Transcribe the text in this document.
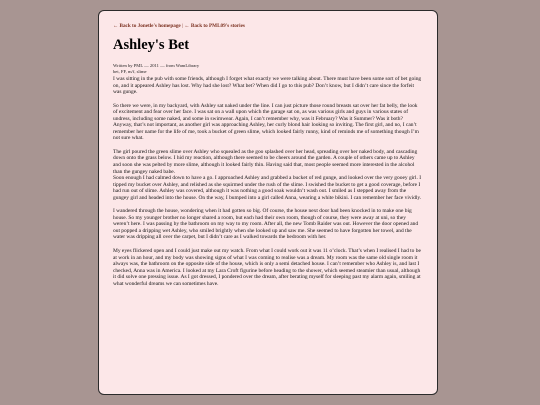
← Back to Jonetle's homepage | ← Back to PML09's stories
Ashley's Bet
Written by PML — 2011 — from WamLibrary
bet, FF, m/f, slime

I was sitting in the pub with some friends, although I forget what exactly we were talking about. There must have been some sort of bet going on, and it appeared Ashley has lost. Why had she lost? What bet? When did I go to this pub? Don’t know, but I didn’t care since the forfeit was gunge.

So there we were, in my backyard, with Ashley sat naked under the line. I can just picture those round breasts sat over her fat belly, the look of excitement and fear over her face. I was sat on a wall upon which the garage sat on, as was various girls and guys in various states of undress, including some naked, and some in swimwear. Again, I can’t remember why, was it February? Was it Summer? Was it both? Anyway, that’s not important, as another girl was approaching Ashley, her curly blond hair looking so inviting. The first girl, and no, I can’t remember her name for the life of me, took a bucket of green slime, which looked fairly runny, kind of reminds me of something though I’m not sure what.

The girl poured the green slime over Ashley who squealed as the goo splashed over her head, spreading over her naked body, and cascading down onto the grass below. I hid my reaction, although there seemed to be cheers around the garden. A couple of others came up to Ashley and soon she was pelted by more slime, although it looked fairly thin. Having said that, most people seemed more interested in the alcohol than the gungey naked babe.
Soon enough I had calmed down to have a go. I approached Ashley and grabbed a bucket of red gunge, and looked over the very gooey girl. I tipped my bucket over Ashley, and relished as she squirmed under the rush of the slime. I swished the bucket to get a good coverage, before I had run out of slime. Ashley was covered, although it was nothing a good soak wouldn’t wash out. I smiled as I stepped away from the gungey girl and headed into the house. On the way, I bumped into a girl called Anna, wearing a white bikini. I can remember her face vividly.

I wandered through the house, wondering when it had gotten so big. Of course, the house next door had been knocked in to make one big house. So my younger brother no longer shared a room, but each had their own room, though of course, they were away at uni, so they weren’t here. I was passing by the bathroom on my way to my room. After all, the new Tomb Raider was out. However the door opened and out popped a dripping wet Ashley, who smiled brightly when she looked up and saw me. She seemed to have forgotten her towel, and the water was dripping all over the carpet, but I didn’t care as I walked towards the bedroom with her.

My eyes flickered open and I could just make out my watch. From what I could work out it was 11 o’clock. That’s when I realised I had to be at work in an hour, and my body was showing signs of what I was coming to realise was a dream. My room was the same old single room it always was, the bathroom on the opposite side of the house, which is only a semi detached house. I can’t remember who Ashley is, and last I checked, Anna was in America. I looked at my Lara Croft figurine before heading to the shower, which seemed steamier than usual, although it did solve one pressing issue. As I got dressed, I pondered over the dream, after berating myself for sleeping past my alarm again, smiling at what wonderful dreams we can sometimes have.
